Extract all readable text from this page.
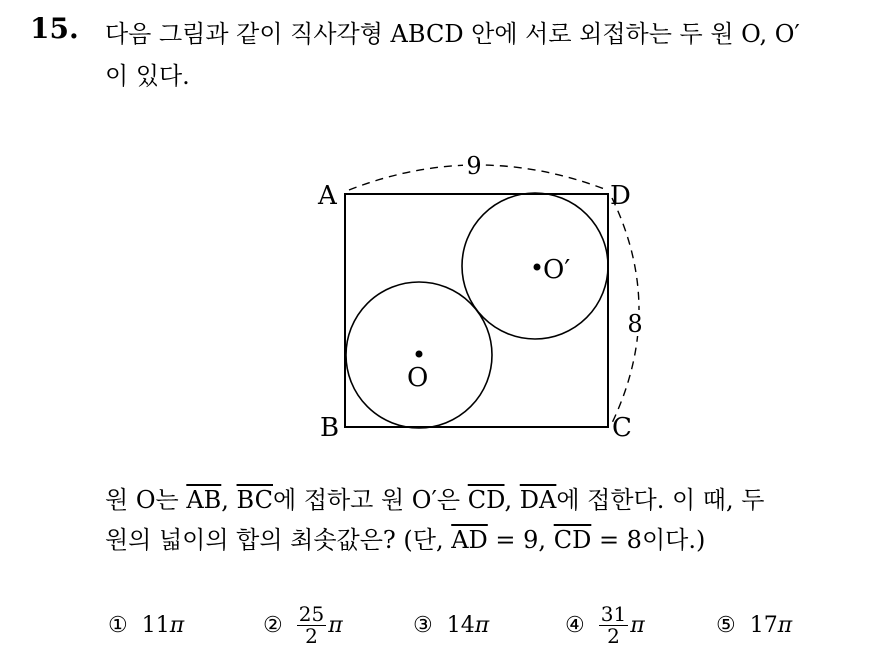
15. 다음 그림과 같이 직사각형 ABCD 안에 서로 외접하는 두 원 O, O′
이 있다.
9
8
A	D
B	C
O
O′
원 O는 $\overline{AB}$, $\overline{BC}$에 접하고 원 O′은 $\overline{CD}$, $\overline{DA}$에 접한다. 이 때, 두
원의 넓이의 합의 최솟값은? (단, $\overline{AD} = 9$, $\overline{CD} = 8$이다.)
① 11 π	② $\frac{25}{2}$ π	③ 14 π	④ $\frac{31}{2}$ π	⑤ 17 π
